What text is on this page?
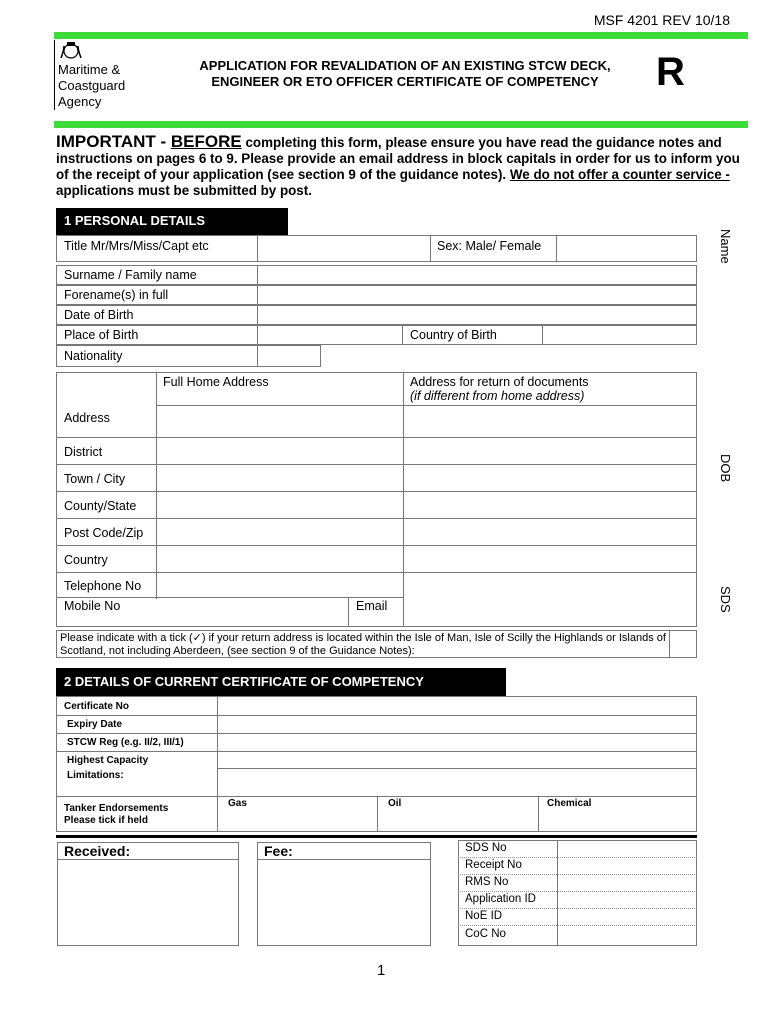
MSF 4201 REV 10/18
Maritime &
Coastguard
Agency
APPLICATION FOR REVALIDATION OF AN EXISTING STCW DECK,
ENGINEER OR ETO OFFICER CERTIFICATE OF COMPETENCY	R
IMPORTANT - BEFORE completing this form, please ensure you have read the guidance notes and instructions on pages 6 to 9. Please provide an email address in block capitals in order for us to inform you of the receipt of your application (see section 9 of the guidance notes). We do not offer a counter service - applications must be submitted by post.
1 PERSONAL DETAILS
Title Mr/Mrs/Miss/Capt etc	Sex: Male/ Female
Surname / Family name
Forename(s) in full
Date of Birth
Place of Birth	Country of Birth
Nationality
Full Home Address	Address for return of documents
(if different from home address)
Address
District
Town / City
County/State
Post Code/Zip
Country
Telephone No
Mobile No	Email
Please indicate with a tick (✓) if your return address is located within the Isle of Man, Isle of Scilly the Highlands or Islands of Scotland, not including Aberdeen, (see section 9 of the Guidance Notes):
Name
DOB
SDS
2 DETAILS OF CURRENT CERTIFICATE OF COMPETENCY
Certificate No
Expiry Date
STCW Reg (e.g. II/2, III/1)
Highest Capacity
Limitations:
Tanker Endorsements
Please tick if held
Gas	Oil	Chemical
Received:	Fee:	SDS No
Receipt No
RMS No
Application ID
NoE ID
CoC No
1
